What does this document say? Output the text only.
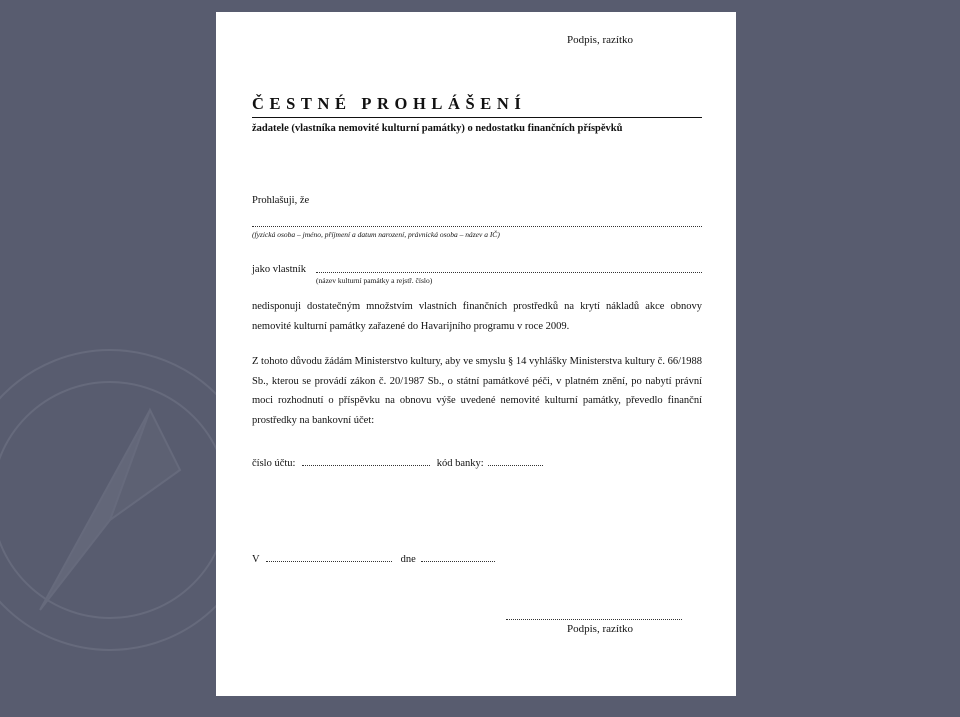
Podpis, razítko
ČESTNÉ PROHLÁŠENÍ
žadatele (vlastníka nemovité kulturní památky) o nedostatku finančních příspěvků
Prohlašuji, že
(fyzická osoba – jméno, příjmení a datum narození, právnická osoba – název a IČ)
jako vlastník
(název kulturní památky a rejstř. číslo)

nedisponuji dostatečným množstvím vlastních finančních prostředků na krytí nákladů akce obnovy nemovité kulturní památky zařazené do Havarijního programu v roce 2009.

Z tohoto důvodu žádám Ministerstvo kultury, aby ve smyslu § 14 vyhlášky Ministerstva kultury č. 66/1988 Sb., kterou se provádí zákon č. 20/1987 Sb., o státní památkové péči, v platném znění, po nabytí právní moci rozhodnutí o příspěvku na obnovu výše uvedené nemovité kulturní památky, převedlo finanční prostředky na bankovní účet:

číslo účtu:	kód banky:
V	dne
Podpis, razítko
